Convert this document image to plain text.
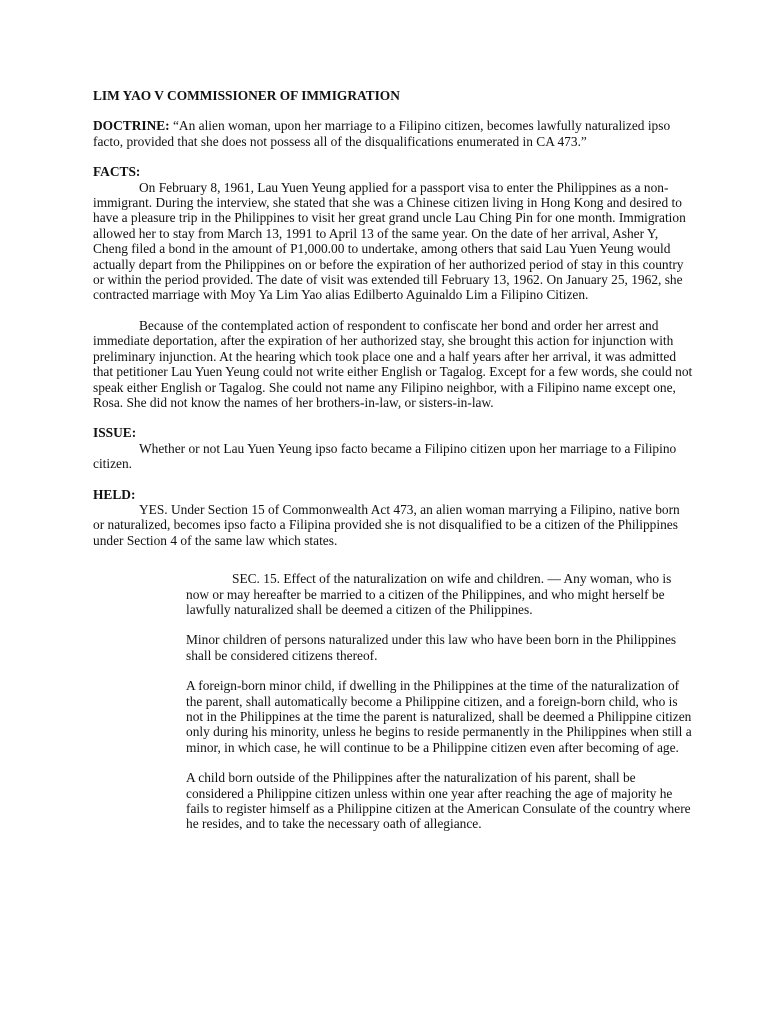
LIM YAO V COMMISSIONER OF IMMIGRATION
DOCTRINE: “An alien woman, upon her marriage to a Filipino citizen, becomes lawfully naturalized ipso facto, provided that she does not possess all of the disqualifications enumerated in CA 473.”
FACTS:
On February 8, 1961, Lau Yuen Yeung applied for a passport visa to enter the Philippines as a non-immigrant. During the interview, she stated that she was a Chinese citizen living in Hong Kong and desired to have a pleasure trip in the Philippines to visit her great grand uncle Lau Ching Pin for one month. Immigration allowed her to stay from March 13, 1991 to April 13 of the same year. On the date of her arrival, Asher Y, Cheng filed a bond in the amount of P1,000.00 to undertake, among others that said Lau Yuen Yeung would actually depart from the Philippines on or before the expiration of her authorized period of stay in this country or within the period provided. The date of visit was extended till February 13, 1962. On January 25, 1962, she contracted marriage with Moy Ya Lim Yao alias Edilberto Aguinaldo Lim a Filipino Citizen.
Because of the contemplated action of respondent to confiscate her bond and order her arrest and immediate deportation, after the expiration of her authorized stay, she brought this action for injunction with preliminary injunction. At the hearing which took place one and a half years after her arrival, it was admitted that petitioner Lau Yuen Yeung could not write either English or Tagalog. Except for a few words, she could not speak either English or Tagalog. She could not name any Filipino neighbor, with a Filipino name except one, Rosa. She did not know the names of her brothers-in-law, or sisters-in-law.
ISSUE:
Whether or not Lau Yuen Yeung ipso facto became a Filipino citizen upon her marriage to a Filipino citizen.
HELD:
YES. Under Section 15 of Commonwealth Act 473, an alien woman marrying a Filipino, native born or naturalized, becomes ipso facto a Filipina provided she is not disqualified to be a citizen of the Philippines under Section 4 of the same law which states.
SEC. 15. Effect of the naturalization on wife and children. — Any woman, who is now or may hereafter be married to a citizen of the Philippines, and who might herself be lawfully naturalized shall be deemed a citizen of the Philippines.
Minor children of persons naturalized under this law who have been born in the Philippines shall be considered citizens thereof.
A foreign-born minor child, if dwelling in the Philippines at the time of the naturalization of the parent, shall automatically become a Philippine citizen, and a foreign-born child, who is not in the Philippines at the time the parent is naturalized, shall be deemed a Philippine citizen only during his minority, unless he begins to reside permanently in the Philippines when still a minor, in which case, he will continue to be a Philippine citizen even after becoming of age.
A child born outside of the Philippines after the naturalization of his parent, shall be considered a Philippine citizen unless within one year after reaching the age of majority he fails to register himself as a Philippine citizen at the American Consulate of the country where he resides, and to take the necessary oath of allegiance.
